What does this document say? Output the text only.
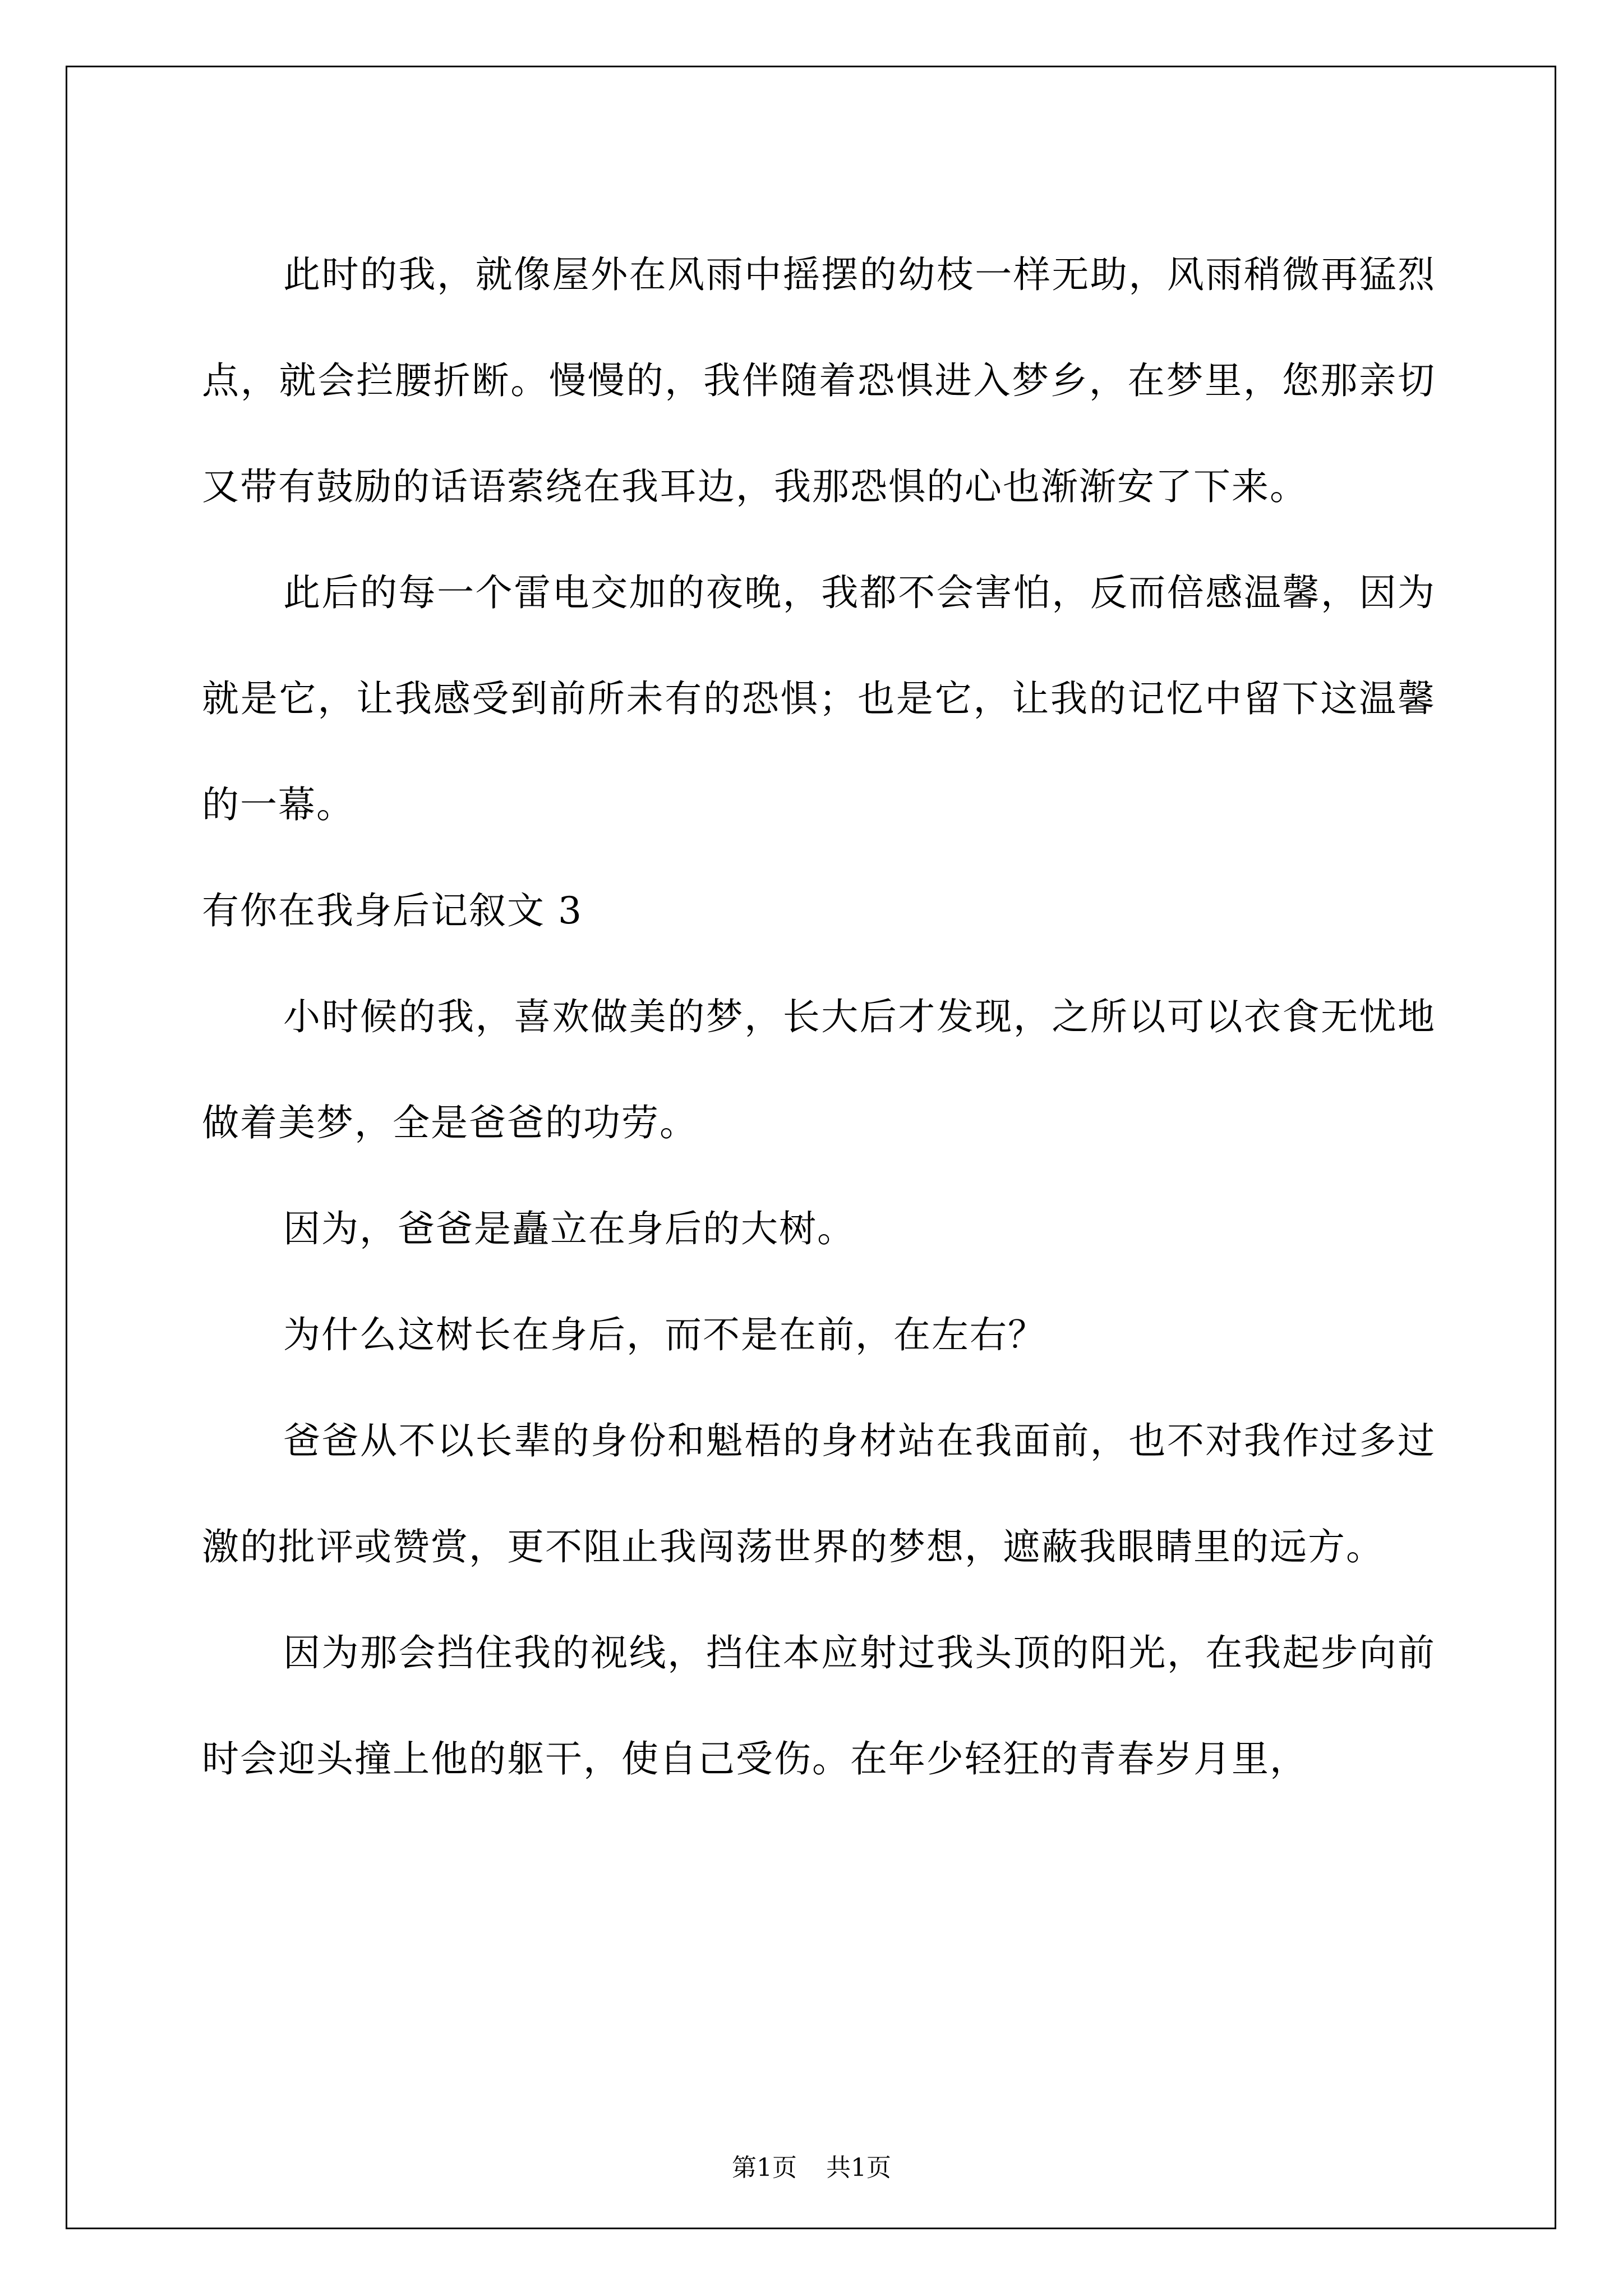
此时的我，就像屋外在风雨中摇摆的幼枝一样无助，风雨稍微再猛烈点，就会拦腰折断。慢慢的，我伴随着恐惧进入梦乡，在梦里，您那亲切又带有鼓励的话语萦绕在我耳边，我那恐惧的心也渐渐安了下来。

此后的每一个雷电交加的夜晚，我都不会害怕，反而倍感温馨，因为就是它，让我感受到前所未有的恐惧；也是它，让我的记忆中留下这温馨的一幕。

有你在我身后记叙文 3

小时候的我，喜欢做美的梦，长大后才发现，之所以可以衣食无忧地做着美梦，全是爸爸的功劳。

因为，爸爸是矗立在身后的大树。

为什么这树长在身后，而不是在前，在左右？

爸爸从不以长辈的身份和魁梧的身材站在我面前，也不对我作过多过激的批评或赞赏，更不阻止我闯荡世界的梦想，遮蔽我眼睛里的远方。

因为那会挡住我的视线，挡住本应射过我头顶的阳光，在我起步向前时会迎头撞上他的躯干，使自己受伤。在年少轻狂的青春岁月里，

第1页 共1页
